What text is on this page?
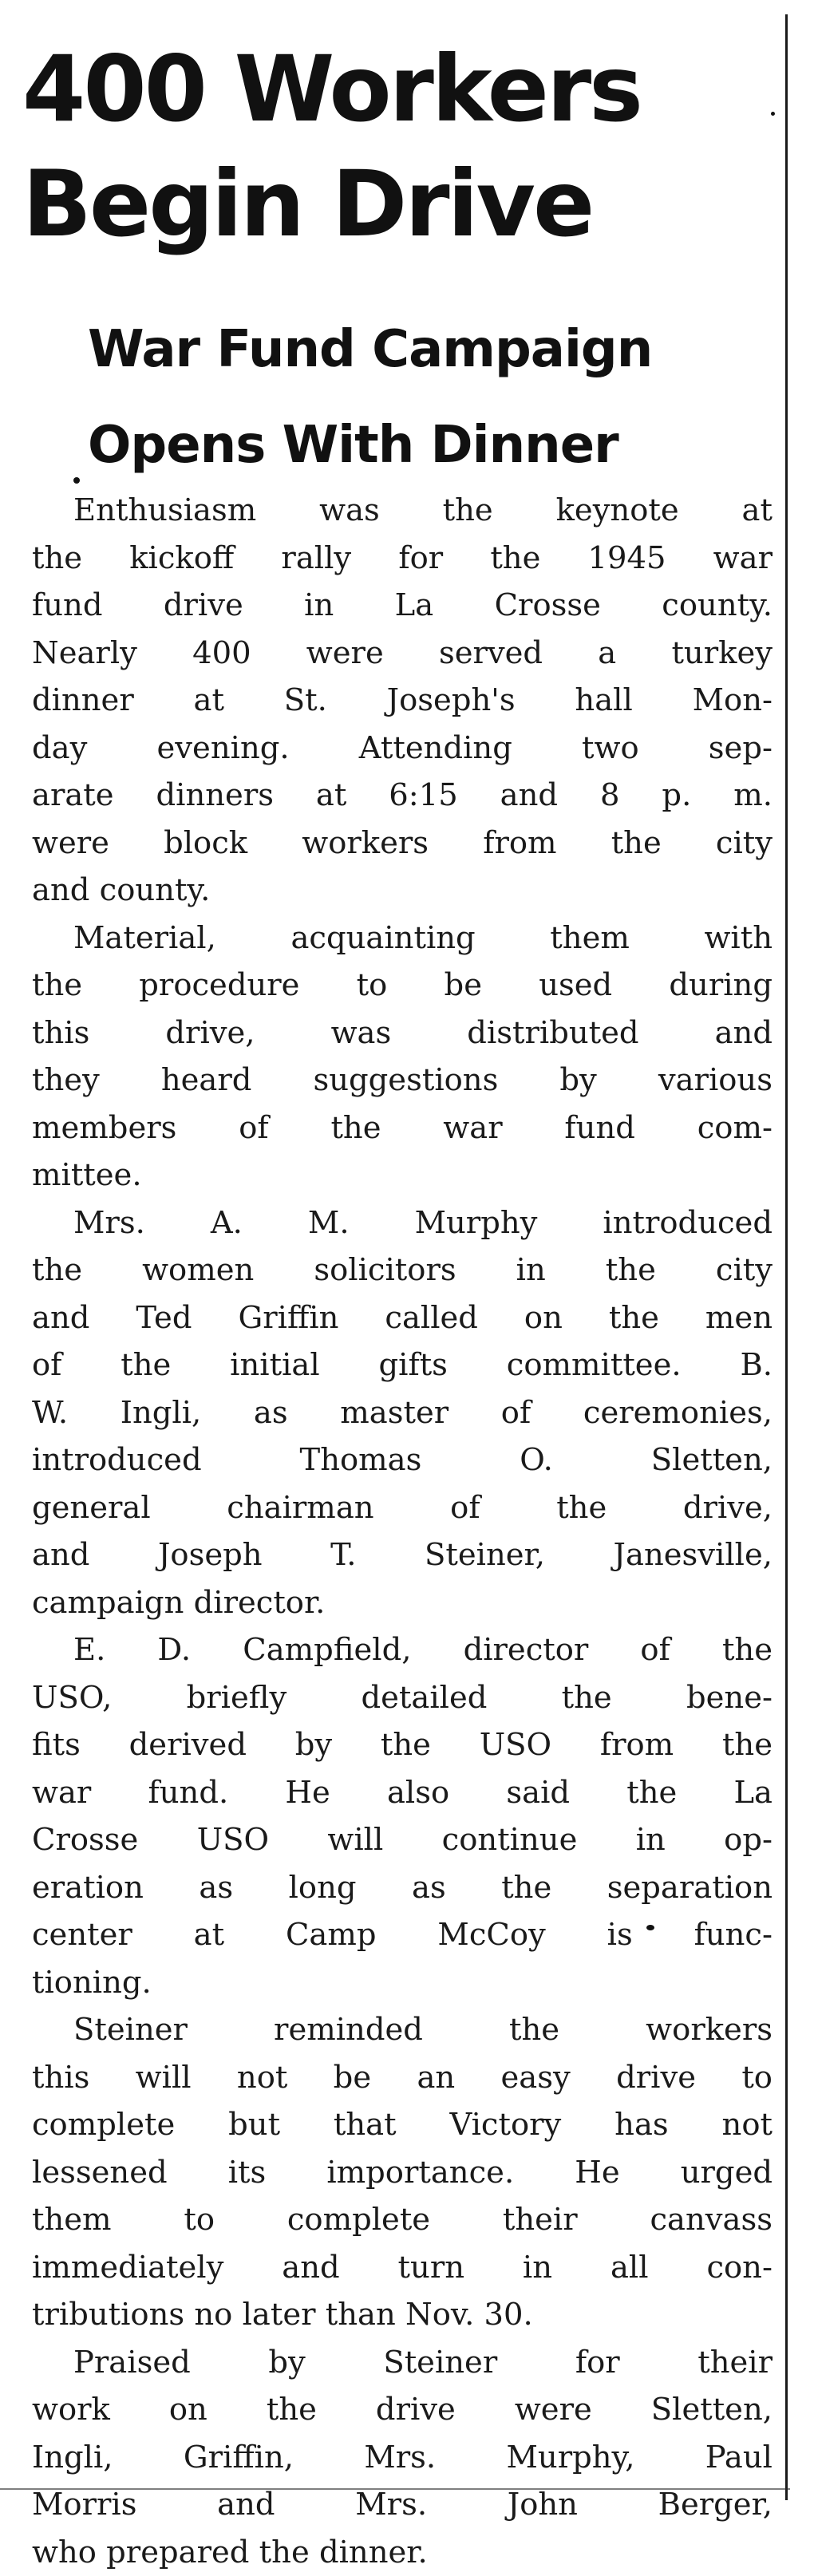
400 Workers
Begin Drive
War Fund Campaign
Opens With Dinner
Enthusiasm was the keynote at
the kickoff rally for the 1945 war
fund drive in La Crosse county.
Nearly 400 were served a turkey
dinner at St. Joseph's hall Mon-
day evening. Attending two sep-
arate dinners at 6:15 and 8 p. m.
were block workers from the city
and county.
Material, acquainting them with
the procedure to be used during
this drive, was distributed and
they heard suggestions by various
members of the war fund com-
mittee.
Mrs. A. M. Murphy introduced
the women solicitors in the city
and Ted Griffin called on the men
of the initial gifts committee. B.
W. Ingli, as master of ceremonies,
introduced Thomas O. Sletten,
general chairman of the drive,
and Joseph T. Steiner, Janesville,
campaign director.
E. D. Campfield, director of the
USO, briefly detailed the bene-
fits derived by the USO from the
war fund. He also said the La
Crosse USO will continue in op-
eration as long as the separation
center at Camp McCoy is func-
tioning.
Steiner reminded the workers
this will not be an easy drive to
complete but that Victory has not
lessened its importance. He urged
them to complete their canvass
immediately and turn in all con-
tributions no later than Nov. 30.
Praised by Steiner for their
work on the drive were Sletten,
Ingli, Griffin, Mrs. Murphy, Paul
Morris and Mrs. John Berger,
who prepared the dinner.
